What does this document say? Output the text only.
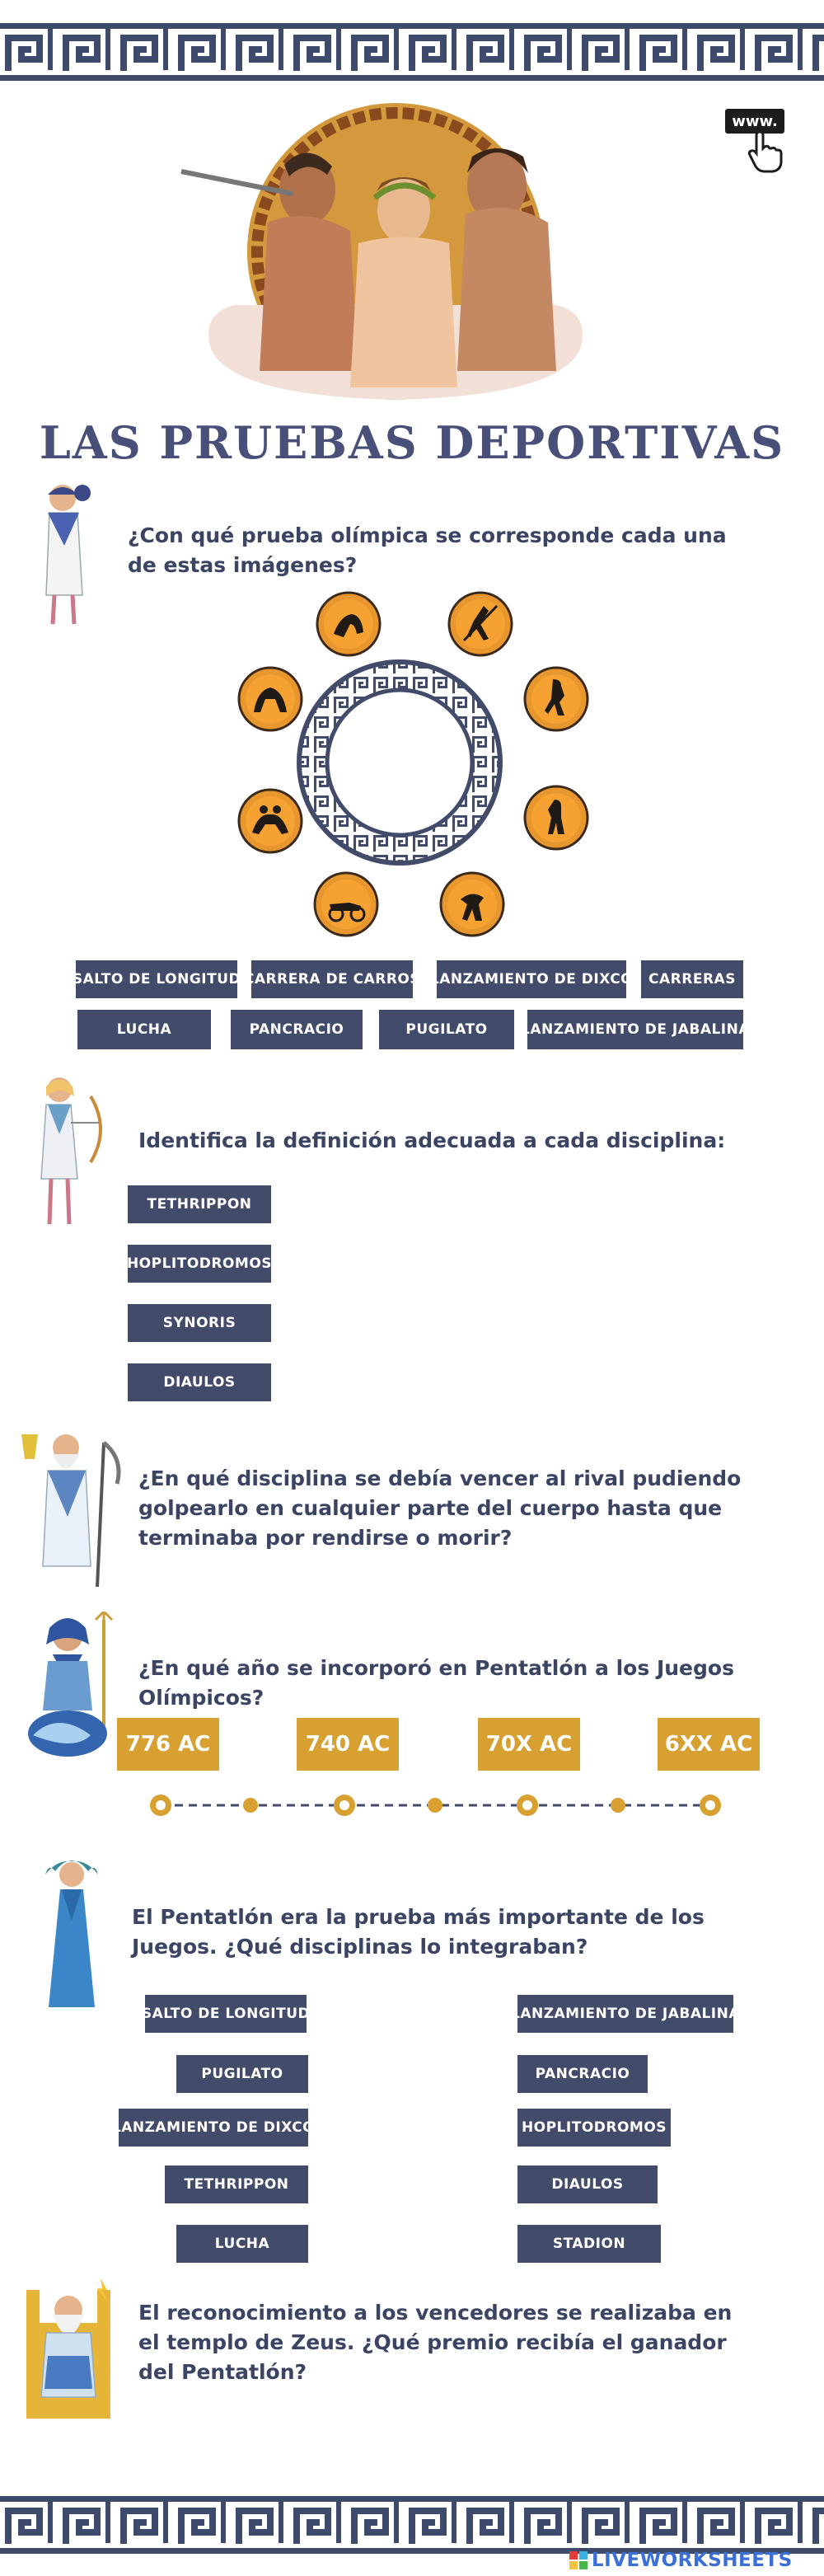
www.
LAS PRUEBAS DEPORTIVAS
¿Con qué prueba olímpica se corresponde cada una de estas imágenes?
SALTO DE LONGITUD CARRERA DE CARROS LANZAMIENTO DE DIXCO	CARRERAS
LUCHA	PANCRACIO	PUGILATO	LANZAMIENTO DE JABALINA
Identifica la definición adecuada a cada disciplina:
TETHRIPPON
HOPLITODROMOS
SYNORIS
DIAULOS
¿En qué disciplina se debía vencer al rival pudiendo golpearlo en cualquier parte del cuerpo hasta que terminaba por rendirse o morir?
¿En qué año se incorporó en Pentatlón a los Juegos Olímpicos?
776 AC	740 AC	70X AC	6XX AC
El Pentatlón era la prueba más importante de los Juegos. ¿Qué disciplinas lo integraban?
SALTO DE LONGITUD
PUGILATO
LANZAMIENTO DE DIXCO
TETHRIPPON
LUCHA
LANZAMIENTO DE JABALINA
PANCRACIO
HOPLITODROMOS
DIAULOS
STADION
El reconocimiento a los vencedores se realizaba en el templo de Zeus. ¿Qué premio recibía el ganador del Pentatlón?
LIVEWORKSHEETS
